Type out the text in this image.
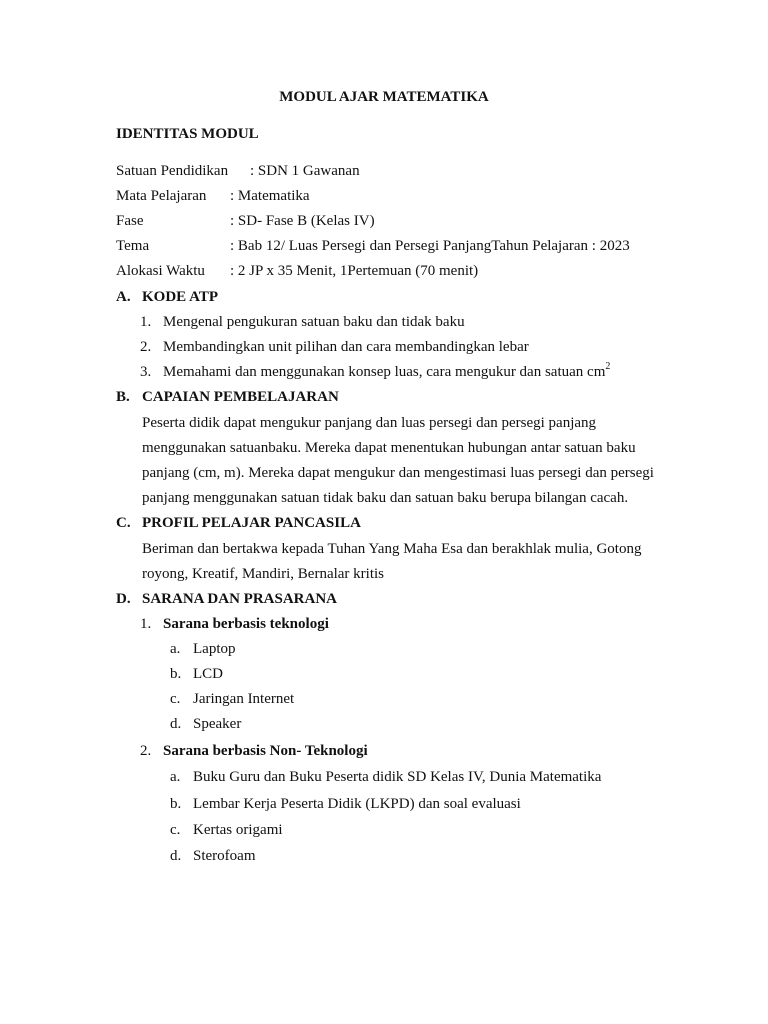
MODUL AJAR MATEMATIKA
IDENTITAS MODUL
Satuan Pendidikan : SDN 1 Gawanan
Mata Pelajaran : Matematika
Fase	: SD- Fase B (Kelas IV)
Tema	: Bab 12/ Luas Persegi dan Persegi PanjangTahun Pelajaran : 2023
Alokasi Waktu : 2 JP x 35 Menit, 1Pertemuan (70 menit)
A. KODE ATP
1. Mengenal pengukuran satuan baku dan tidak baku
2. Membandingkan unit pilihan dan cara membandingkan lebar
3. Memahami dan menggunakan konsep luas, cara mengukur dan satuan $cm^2$
B. CAPAIAN PEMBELAJARAN
Peserta didik dapat mengukur panjang dan luas persegi dan persegi panjang
menggunakan satuanbaku. Mereka dapat menentukan hubungan antar satuan baku
panjang (cm, m). Mereka dapat mengukur dan mengestimasi luas persegi dan persegi
panjang menggunakan satuan tidak baku dan satuan baku berupa bilangan cacah.
C. PROFIL PELAJAR PANCASILA
Beriman dan bertakwa kepada Tuhan Yang Maha Esa dan berakhlak mulia, Gotong
royong, Kreatif, Mandiri, Bernalar kritis
D. SARANA DAN PRASARANA
1. Sarana berbasis teknologi
a. Laptop
b. LCD
c. Jaringan Internet
d. Speaker
2. Sarana berbasis Non- Teknologi
a. Buku Guru dan Buku Peserta didik SD Kelas IV, Dunia Matematika
b. Lembar Kerja Peserta Didik (LKPD) dan soal evaluasi
c. Kertas origami
d. Sterofoam
